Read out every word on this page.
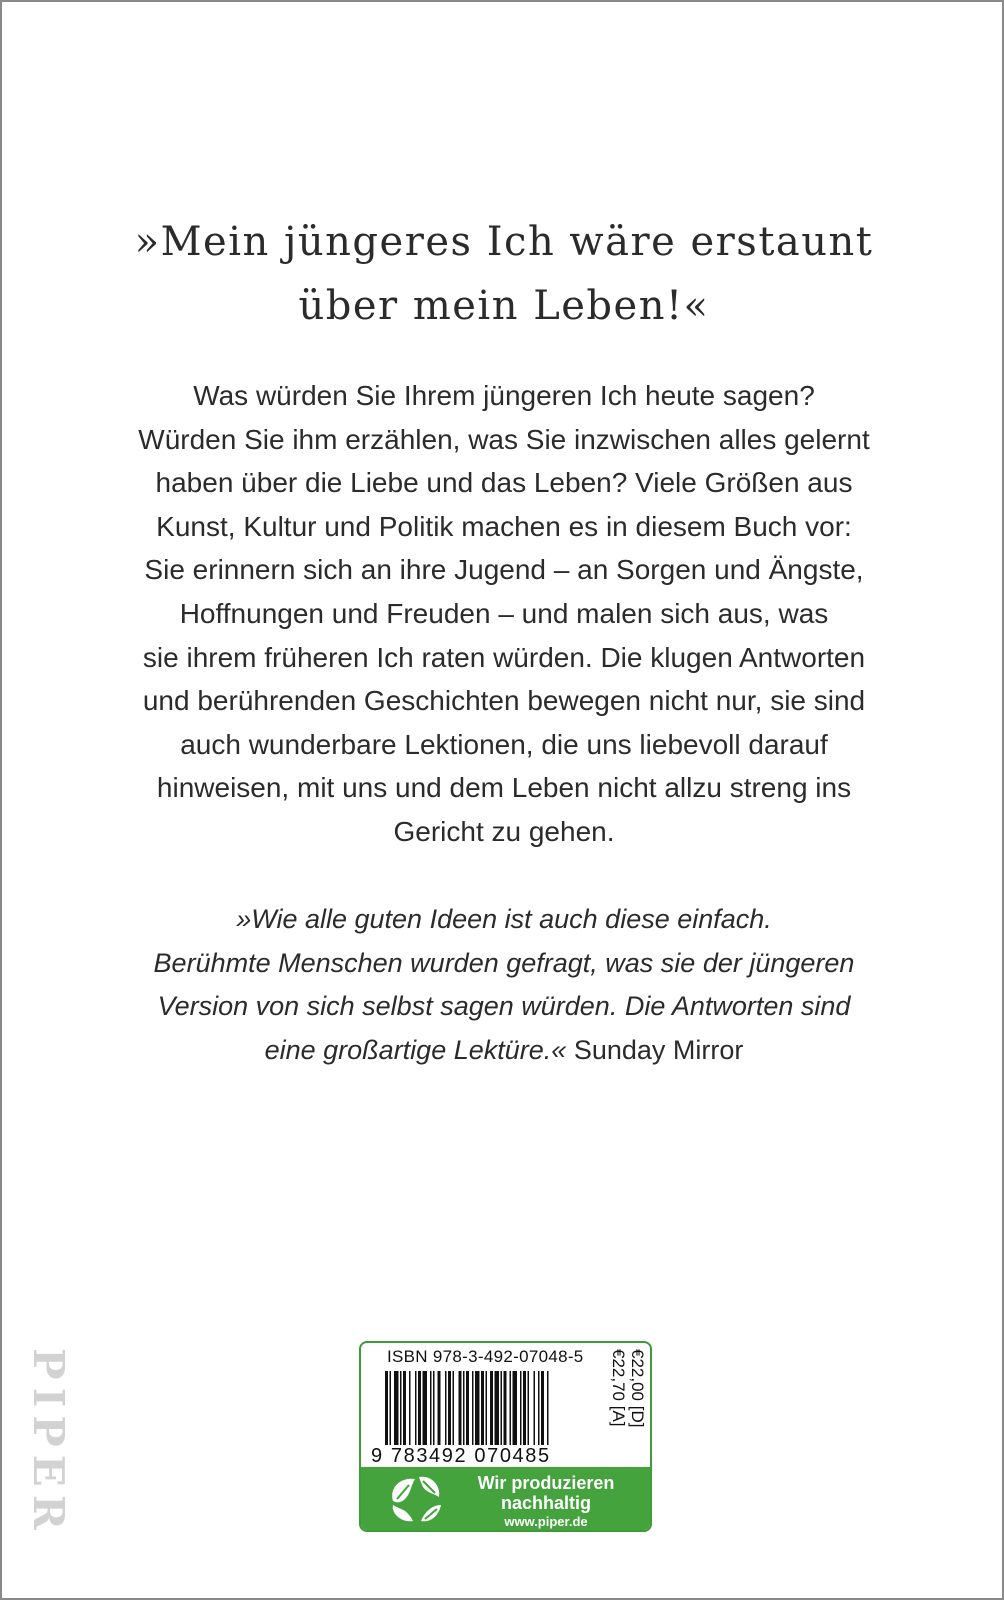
»Mein jüngeres Ich wäre erstaunt
über mein Leben!«
Was würden Sie Ihrem jüngeren Ich heute sagen?
Würden Sie ihm erzählen, was Sie inzwischen alles gelernt
haben über die Liebe und das Leben? Viele Größen aus
Kunst, Kultur und Politik machen es in diesem Buch vor:
Sie erinnern sich an ihre Jugend – an Sorgen und Ängste,
Hoffnungen und Freuden – und malen sich aus, was
sie ihrem früheren Ich raten würden. Die klugen Antworten
und berührenden Geschichten bewegen nicht nur, sie sind
auch wunderbare Lektionen, die uns liebevoll darauf
hinweisen, mit uns und dem Leben nicht allzu streng ins
Gericht zu gehen.
»Wie alle guten Ideen ist auch diese einfach.
Berühmte Menschen wurden gefragt, was sie der jüngeren
Version von sich selbst sagen würden. Die Antworten sind
eine großartige Lektüre.« Sunday Mirror
PIPER	ISBN 978-3-492-07048-5
9 783492 070485
€22,00 [D]
€22,70 [A]
Wir produzieren
nachhaltig
www.piper.de
